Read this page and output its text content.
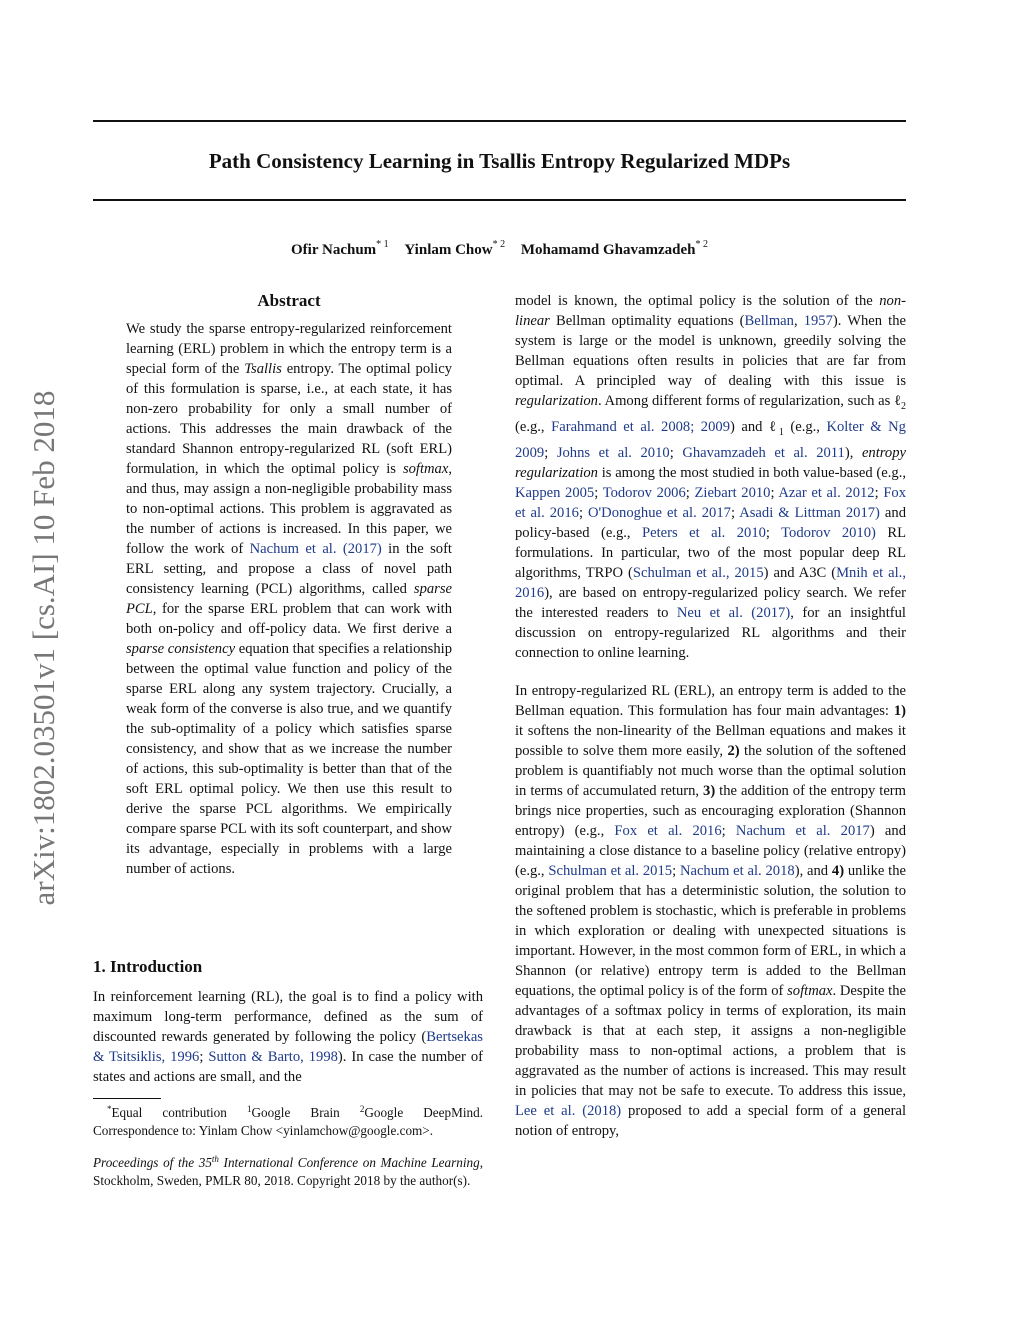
arXiv:1802.03501v1 [cs.AI] 10 Feb 2018
Path Consistency Learning in Tsallis Entropy Regularized MDPs
Ofir Nachum$^{* 1}$ Yinlam Chow$^{* 2}$ Mohamamd Ghavamzadeh$^{* 2}$
Abstract
We study the sparse entropy-regularized reinforcement learning (ERL) problem in which the entropy term is a special form of the Tsallis entropy. The optimal policy of this formulation is sparse, i.e., at each state, it has non-zero probability for only a small number of actions. This addresses the main drawback of the standard Shannon entropy-regularized RL (soft ERL) formulation, in which the optimal policy is softmax, and thus, may assign a non-negligible probability mass to non-optimal actions. This problem is aggravated as the number of actions is increased. In this paper, we follow the work of Nachum et al. (2017) in the soft ERL setting, and propose a class of novel path consistency learning (PCL) algorithms, called sparse PCL, for the sparse ERL problem that can work with both on-policy and off-policy data. We first derive a sparse consistency equation that specifies a relationship between the optimal value function and policy of the sparse ERL along any system trajectory. Crucially, a weak form of the converse is also true, and we quantify the sub-optimality of a policy which satisfies sparse consistency, and show that as we increase the number of actions, this sub-optimality is better than that of the soft ERL optimal policy. We then use this result to derive the sparse PCL algorithms. We empirically compare sparse PCL with its soft counterpart, and show its advantage, especially in problems with a large number of actions.
1. Introduction
In reinforcement learning (RL), the goal is to find a policy with maximum long-term performance, defined as the sum of discounted rewards generated by following the policy (Bertsekas & Tsitsiklis, 1996; Sutton & Barto, 1998). In case the number of states and actions are small, and the
*Equal contribution $^1$Google Brain $^2$Google DeepMind. Correspondence to: Yinlam Chow <yinlamchow@google.com>.
Proceedings of the 35th International Conference on Machine Learning, Stockholm, Sweden, PMLR 80, 2018. Copyright 2018 by the author(s).
model is known, the optimal policy is the solution of the non-linear Bellman optimality equations (Bellman, 1957). When the system is large or the model is unknown, greedily solving the Bellman equations often results in policies that are far from optimal. A principled way of dealing with this issue is regularization. Among different forms of regularization, such as ℓ$_2$ (e.g., Farahmand et al. 2008; 2009) and ℓ$_1$ (e.g., Kolter & Ng 2009; Johns et al. 2010; Ghavamzadeh et al. 2011), entropy regularization is among the most studied in both value-based (e.g., Kappen 2005; Todorov 2006; Ziebart 2010; Azar et al. 2012; Fox et al. 2016; O'Donoghue et al. 2017; Asadi & Littman 2017) and policy-based (e.g., Peters et al. 2010; Todorov 2010) RL formulations. In particular, two of the most popular deep RL algorithms, TRPO (Schulman et al., 2015) and A3C (Mnih et al., 2016), are based on entropy-regularized policy search. We refer the interested readers to Neu et al. (2017), for an insightful discussion on entropy-regularized RL algorithms and their connection to online learning.
In entropy-regularized RL (ERL), an entropy term is added to the Bellman equation. This formulation has four main advantages: 1) it softens the non-linearity of the Bellman equations and makes it possible to solve them more easily, 2) the solution of the softened problem is quantifiably not much worse than the optimal solution in terms of accumulated return, 3) the addition of the entropy term brings nice properties, such as encouraging exploration (Shannon entropy) (e.g., Fox et al. 2016; Nachum et al. 2017) and maintaining a close distance to a baseline policy (relative entropy) (e.g., Schulman et al. 2015; Nachum et al. 2018), and 4) unlike the original problem that has a deterministic solution, the solution to the softened problem is stochastic, which is preferable in problems in which exploration or dealing with unexpected situations is important. However, in the most common form of ERL, in which a Shannon (or relative) entropy term is added to the Bellman equations, the optimal policy is of the form of softmax. Despite the advantages of a softmax policy in terms of exploration, its main drawback is that at each step, it assigns a non-negligible probability mass to non-optimal actions, a problem that is aggravated as the number of actions is increased. This may result in policies that may not be safe to execute. To address this issue, Lee et al. (2018) proposed to add a special form of a general notion of entropy,
